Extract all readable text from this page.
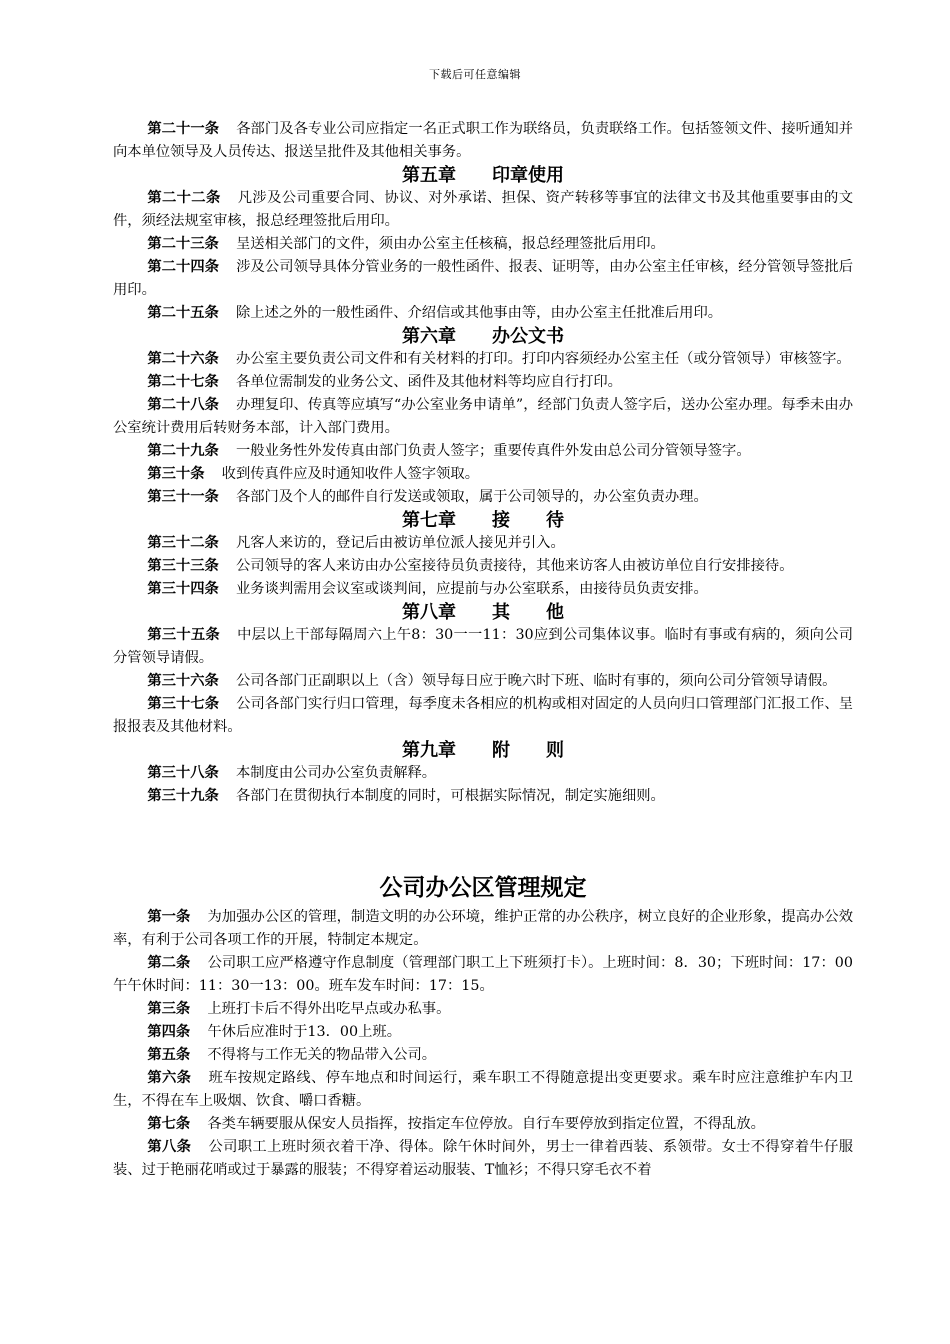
下载后可任意编辑

第二十一条 各部门及各专业公司应指定一名正式职工作为联络员，负责联络工作。包括签领文件、接听通知并向本单位领导及人员传达、报送呈批件及其他相关事务。

第五章　　印章使用

第二十二条 凡涉及公司重要合同、协议、对外承诺、担保、资产转移等事宜的法律文书及其他重要事由的文件，须经法规室审核，报总经理签批后用印。

第二十三条 呈送相关部门的文件，须由办公室主任核稿，报总经理签批后用印。

第二十四条 涉及公司领导具体分管业务的一般性函件、报表、证明等，由办公室主任审核，经分管领导签批后用印。

第二十五条 除上述之外的一般性函件、介绍信或其他事由等，由办公室主任批准后用印。

第六章　　办公文书

第二十六条 办公室主要负责公司文件和有关材料的打印。打印内容须经办公室主任（或分管领导）审核签字。

第二十七条 各单位需制发的业务公文、函件及其他材料等均应自行打印。

第二十八条 办理复印、传真等应填写“办公室业务申请单”，经部门负责人签字后，送办公室办理。每季未由办公室统计费用后转财务本部，计入部门费用。

第二十九条 一般业务性外发传真由部门负责人签字；重要传真件外发由总公司分管领导签字。

第三十条 收到传真件应及时通知收件人签字领取。

第三十一条 各部门及个人的邮件自行发送或领取，属于公司领导的，办公室负责办理。

第七章　　接　　待

第三十二条 凡客人来访的，登记后由被访单位派人接见并引入。

第三十三条 公司领导的客人来访由办公室接待员负责接待，其他来访客人由被访单位自行安排接待。

第三十四条 业务谈判需用会议室或谈判间，应提前与办公室联系，由接待员负责安排。

第八章　　其　　他

第三十五条 中层以上干部每隔周六上午8：30一一11：30应到公司集体议事。临时有事或有病的，须向公司分管领导请假。

第三十六条 公司各部门正副职以上（含）领导每日应于晚六时下班、临时有事的，须向公司分管领导请假。

第三十七条 公司各部门实行归口管理，每季度未各相应的机构或相对固定的人员向归口管理部门汇报工作、呈报报表及其他材料。

第九章　　附　　则

第三十八条 本制度由公司办公室负责解释。

第三十九条 各部门在贯彻执行本制度的同时，可根据实际情况，制定实施细则。

公司办公区管理规定

第一条 为加强办公区的管理，制造文明的办公环境，维护正常的办公秩序，树立良好的企业形象，提高办公效率，有利于公司各项工作的开展，特制定本规定。

第二条 公司职工应严格遵守作息制度（管理部门职工上下班须打卡）。上班时间：8．30；下班时间：17：00午午休时间：11：30一13：00。班车发车时间：17：15。

第三条 上班打卡后不得外出吃早点或办私事。

第四条 午休后应准时于13．00上班。

第五条 不得将与工作无关的物品带入公司。

第六条 班车按规定路线、停车地点和时间运行，乘车职工不得随意提出变更要求。乘车时应注意维护车内卫生，不得在车上吸烟、饮食、嚼口香糖。

第七条 各类车辆要服从保安人员指挥，按指定车位停放。自行车要停放到指定位置，不得乱放。

第八条 公司职工上班时须衣着干净、得体。除午休时间外，男士一律着西装、系领带。女士不得穿着牛仔服装、过于艳丽花哨或过于暴露的服装；不得穿着运动服装、T恤衫；不得只穿毛衣不着
